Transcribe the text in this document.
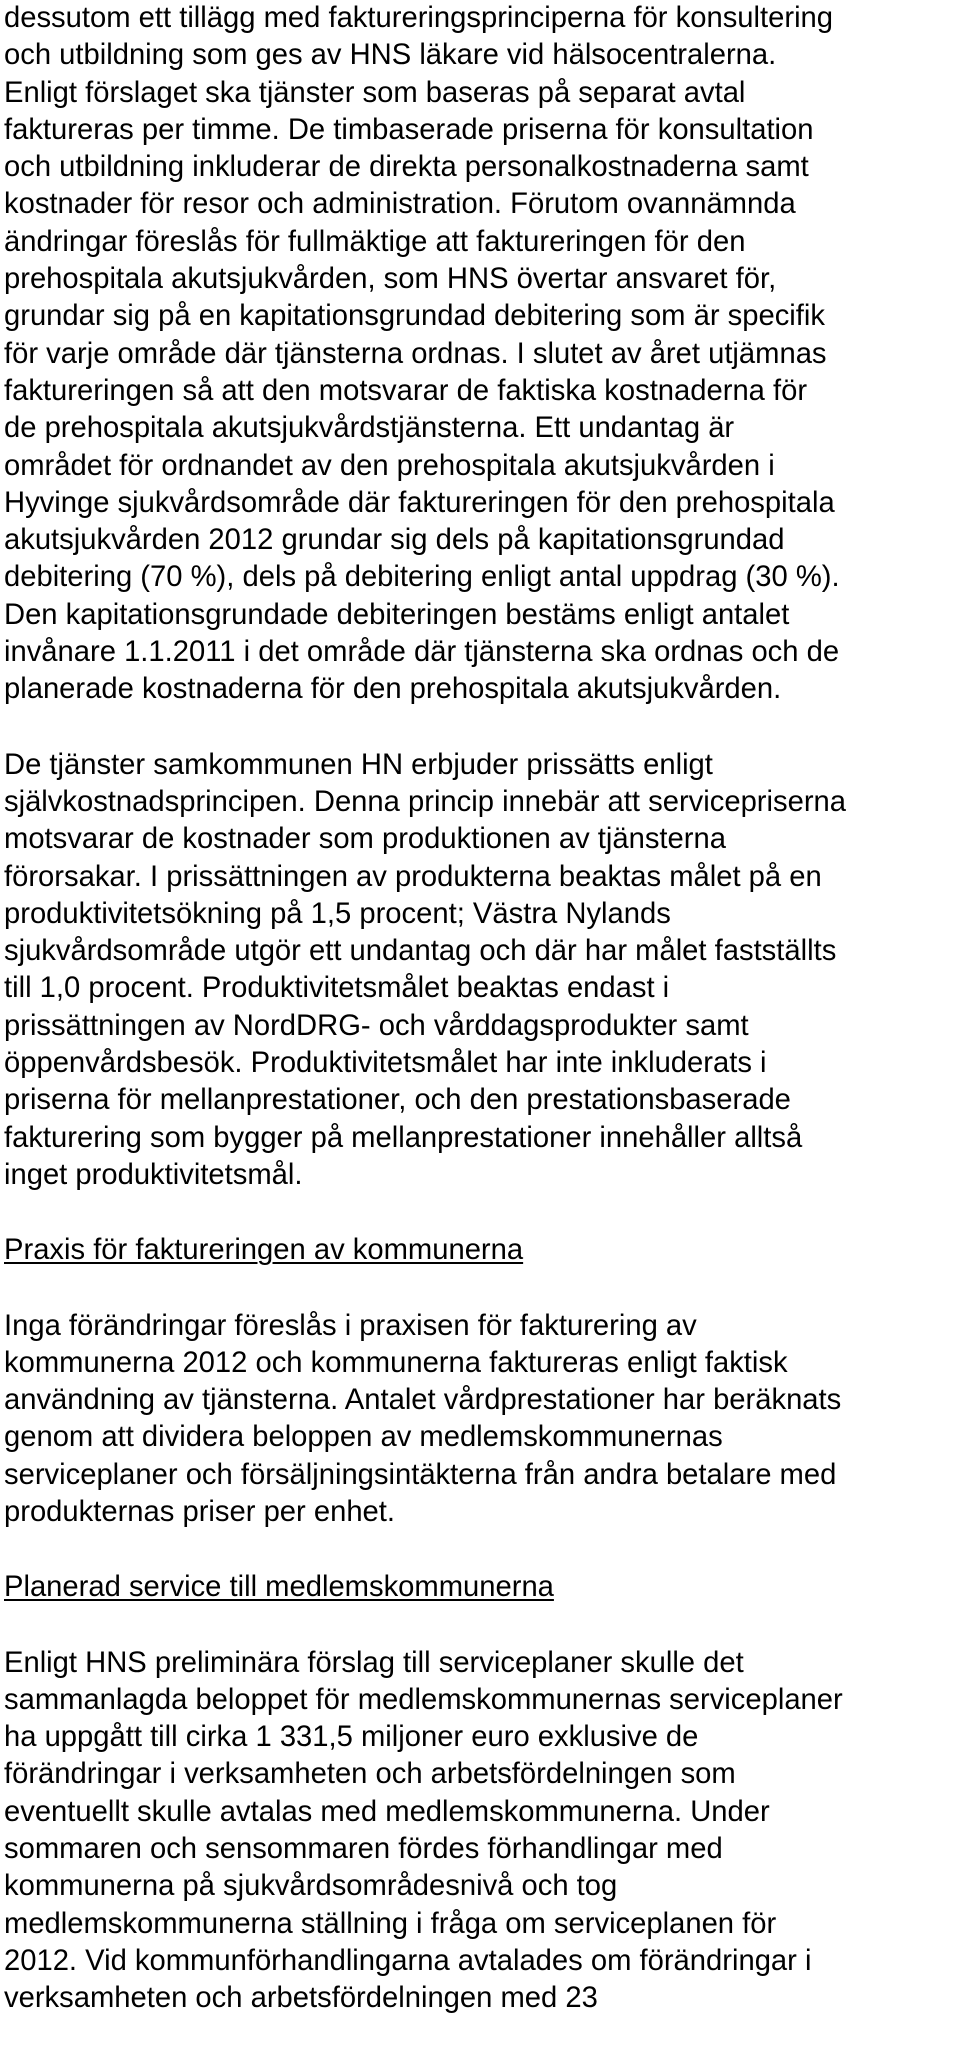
dessutom ett tillägg med faktureringsprinciperna för konsultering
och utbildning som ges av HNS läkare vid hälsocentralerna.
Enligt förslaget ska tjänster som baseras på separat avtal
faktureras per timme. De timbaserade priserna för konsultation
och utbildning inkluderar de direkta personalkostnaderna samt
kostnader för resor och administration. Förutom ovannämnda
ändringar föreslås för fullmäktige att faktureringen för den
prehospitala akutsjukvården, som HNS övertar ansvaret för,
grundar sig på en kapitationsgrundad debitering som är specifik
för varje område där tjänsterna ordnas. I slutet av året utjämnas
faktureringen så att den motsvarar de faktiska kostnaderna för
de prehospitala akutsjukvårdstjänsterna. Ett undantag är
området för ordnandet av den prehospitala akutsjukvården i
Hyvinge sjukvårdsområde där faktureringen för den prehospitala
akutsjukvården 2012 grundar sig dels på kapitationsgrundad
debitering (70 %), dels på debitering enligt antal uppdrag (30 %).
Den kapitationsgrundade debiteringen bestäms enligt antalet
invånare 1.1.2011 i det område där tjänsterna ska ordnas och de
planerade kostnaderna för den prehospitala akutsjukvården.

De tjänster samkommunen HN erbjuder prissätts enligt
självkostnadsprincipen. Denna princip innebär att servicepriserna
motsvarar de kostnader som produktionen av tjänsterna
förorsakar. I prissättningen av produkterna beaktas målet på en
produktivitetsökning på 1,5 procent; Västra Nylands
sjukvårdsområde utgör ett undantag och där har målet fastställts
till 1,0 procent. Produktivitetsmålet beaktas endast i
prissättningen av NordDRG- och vårddagsprodukter samt
öppenvårdsbesök. Produktivitetsmålet har inte inkluderats i
priserna för mellanprestationer, och den prestationsbaserade
fakturering som bygger på mellanprestationer innehåller alltså
inget produktivitetsmål.

Praxis för faktureringen av kommunerna

Inga förändringar föreslås i praxisen för fakturering av
kommunerna 2012 och kommunerna faktureras enligt faktisk
användning av tjänsterna. Antalet vårdprestationer har beräknats
genom att dividera beloppen av medlemskommunernas
serviceplaner och försäljningsintäkterna från andra betalare med
produkternas priser per enhet.

Planerad service till medlemskommunerna

Enligt HNS preliminära förslag till serviceplaner skulle det
sammanlagda beloppet för medlemskommunernas serviceplaner
ha uppgått till cirka 1 331,5 miljoner euro exklusive de
förändringar i verksamheten och arbetsfördelningen som
eventuellt skulle avtalas med medlemskommunerna. Under
sommaren och sensommaren fördes förhandlingar med
kommunerna på sjukvårdsområdesnivå och tog
medlemskommunerna ställning i fråga om serviceplanen för
2012. Vid kommunförhandlingarna avtalades om förändringar i
verksamheten och arbetsfördelningen med 23
